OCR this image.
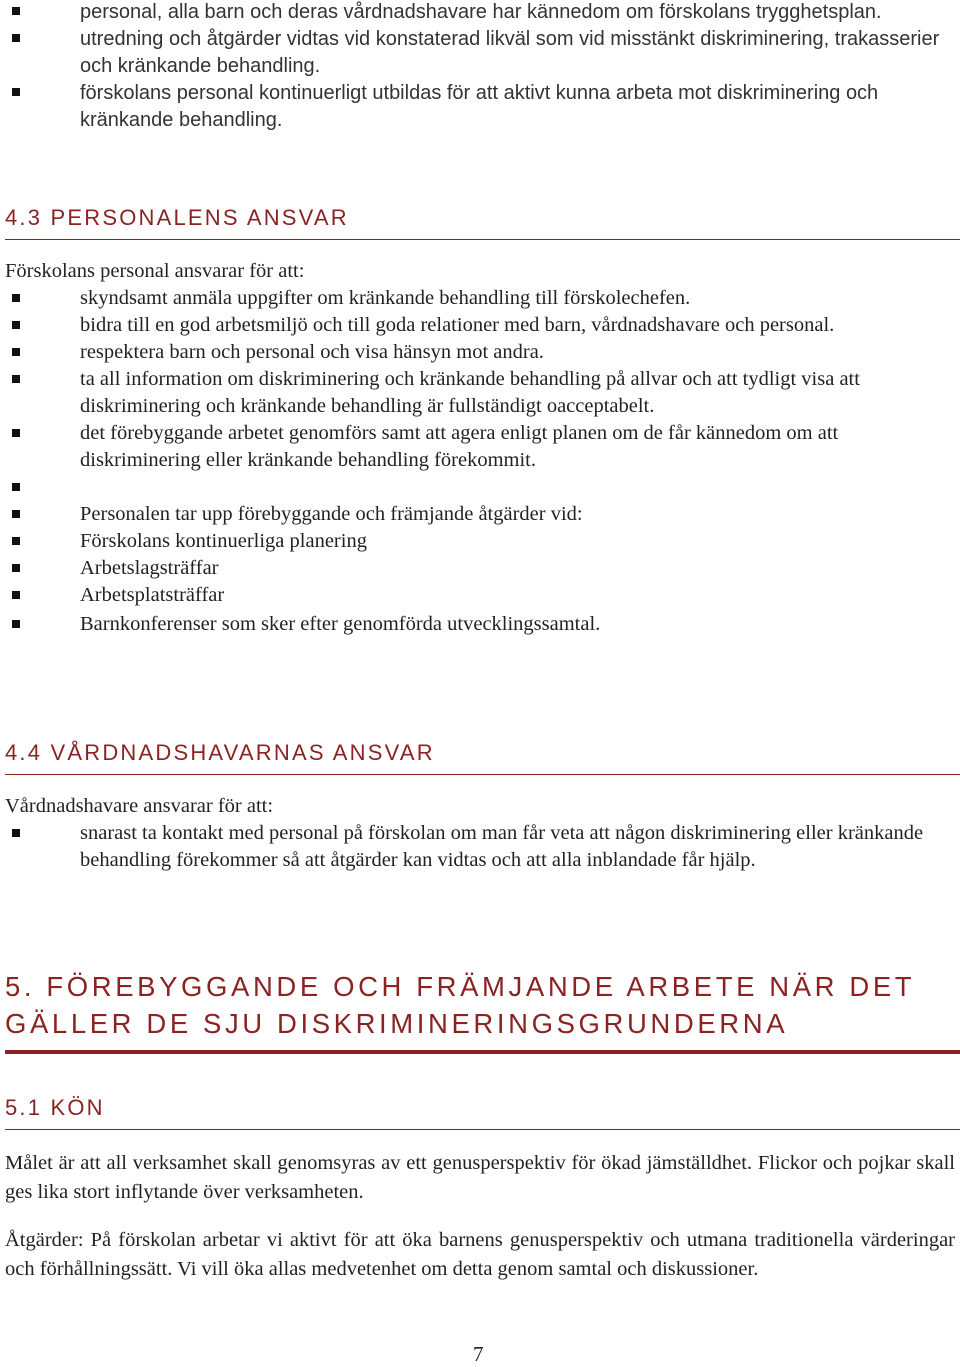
personal, alla barn och deras vårdnadshavare har kännedom om förskolans trygghetsplan.
utredning och åtgärder vidtas vid konstaterad likväl som vid misstänkt diskriminering, trakasserier och kränkande behandling.
förskolans personal kontinuerligt utbildas för att aktivt kunna arbeta mot diskriminering och kränkande behandling.
4.3 PERSONALENS ANSVAR
Förskolans personal ansvarar för att:
skyndsamt anmäla uppgifter om kränkande behandling till förskolechefen.
bidra till en god arbetsmiljö och till goda relationer med barn, vårdnadshavare och personal.
respektera barn och personal och visa hänsyn mot andra.
ta all information om diskriminering och kränkande behandling på allvar och att tydligt visa att diskriminering och kränkande behandling är fullständigt oacceptabelt.
det förebyggande arbetet genomförs samt att agera enligt planen om de får kännedom om att diskriminering eller kränkande behandling förekommit.
Personalen tar upp förebyggande och främjande åtgärder vid:
Förskolans kontinuerliga planering
Arbetslagsträffar
Arbetsplatsträffar
Barnkonferenser som sker efter genomförda utvecklingssamtal.
4.4 VÅRDNADSHAVARNAS ANSVAR
Vårdnadshavare ansvarar för att:
snarast ta kontakt med personal på förskolan om man får veta att någon diskriminering eller kränkande behandling förekommer så att åtgärder kan vidtas och att alla inblandade får hjälp.
5. FÖREBYGGANDE OCH FRÄMJANDE ARBETE NÄR DET GÄLLER DE SJU DISKRIMINERINGSGRUNDERNA
5.1 KÖN
Målet är att all verksamhet skall genomsyras av ett genusperspektiv för ökad jämställdhet. Flickor och pojkar skall ges lika stort inflytande över verksamheten.
Åtgärder: På förskolan arbetar vi aktivt för att öka barnens genusperspektiv och utmana traditionella värderingar och förhållningssätt. Vi vill öka allas medvetenhet om detta genom samtal och diskussioner.
7
